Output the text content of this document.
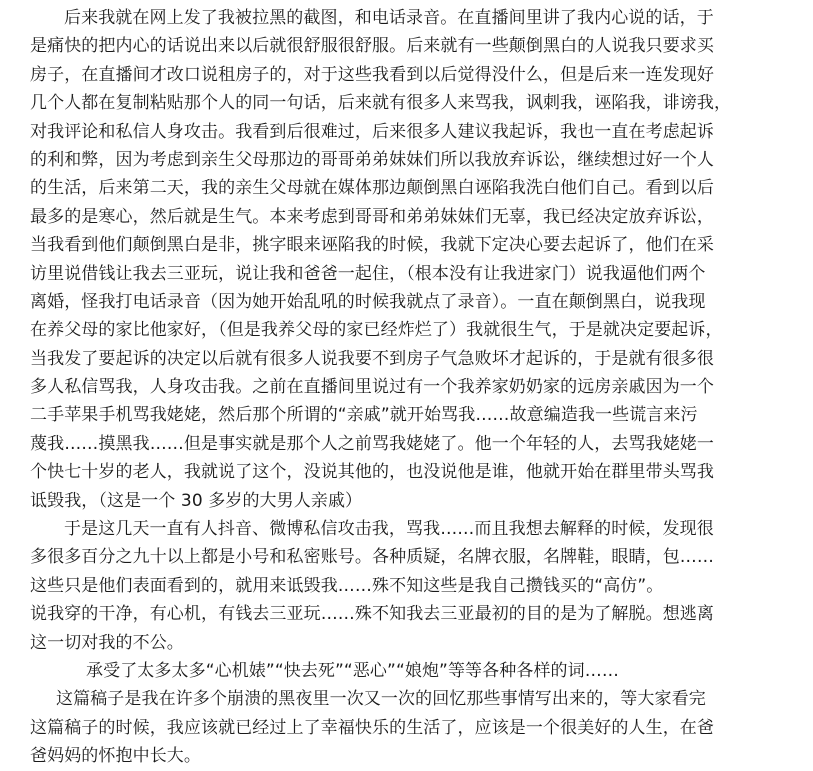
后来我就在网上发了我被拉黑的截图，和电话录音。在直播间里讲了我内心说的话，于
是痛快的把内心的话说出来以后就很舒服很舒服。后来就有一些颠倒黑白的人说我只要求买
房子，在直播间才改口说租房子的，对于这些我看到以后觉得没什么，但是后来一连发现好
几个人都在复制粘贴那个人的同一句话，后来就有很多人来骂我，讽刺我，诬陷我，诽谤我，
对我评论和私信人身攻击。我看到后很难过，后来很多人建议我起诉，我也一直在考虑起诉
的利和弊，因为考虑到亲生父母那边的哥哥弟弟妹妹们所以我放弃诉讼，继续想过好一个人
的生活，后来第二天，我的亲生父母就在媒体那边颠倒黑白诬陷我洗白他们自己。看到以后
最多的是寒心，然后就是生气。本来考虑到哥哥和弟弟妹妹们无辜，我已经决定放弃诉讼，
当我看到他们颠倒黑白是非，挑字眼来诬陷我的时候，我就下定决心要去起诉了，他们在采
访里说借钱让我去三亚玩，说让我和爸爸一起住，（根本没有让我进家门）说我逼他们两个
离婚，怪我打电话录音（因为她开始乱吼的时候我就点了录音）。一直在颠倒黑白，说我现
在养父母的家比他家好，（但是我养父母的家已经炸烂了）我就很生气，于是就决定要起诉，
当我发了要起诉的决定以后就有很多人说我要不到房子气急败坏才起诉的，于是就有很多很
多人私信骂我，人身攻击我。之前在直播间里说过有一个我养家奶奶家的远房亲戚因为一个
二手苹果手机骂我姥姥，然后那个所谓的“亲戚”就开始骂我……故意编造我一些谎言来污
蔑我……摸黑我……但是事实就是那个人之前骂我姥姥了。他一个年轻的人，去骂我姥姥一
个快七十岁的老人，我就说了这个，没说其他的，也没说他是谁，他就开始在群里带头骂我
诋毁我，（这是一个 30 多岁的大男人亲戚）
于是这几天一直有人抖音、微博私信攻击我，骂我……而且我想去解释的时候，发现很
多很多百分之九十以上都是小号和私密账号。各种质疑，名牌衣服，名牌鞋，眼睛，包……
这些只是他们表面看到的，就用来诋毁我……殊不知这些是我自己攒钱买的“高仿”。
说我穿的干净，有心机，有钱去三亚玩……殊不知我去三亚最初的目的是为了解脱。想逃离
这一切对我的不公。
承受了太多太多“心机婊”“快去死”“恶心”“娘炮”等等各种各样的词……
这篇稿子是我在许多个崩溃的黑夜里一次又一次的回忆那些事情写出来的，等大家看完
这篇稿子的时候，我应该就已经过上了幸福快乐的生活了，应该是一个很美好的人生，在爸
爸妈妈的怀抱中长大。
